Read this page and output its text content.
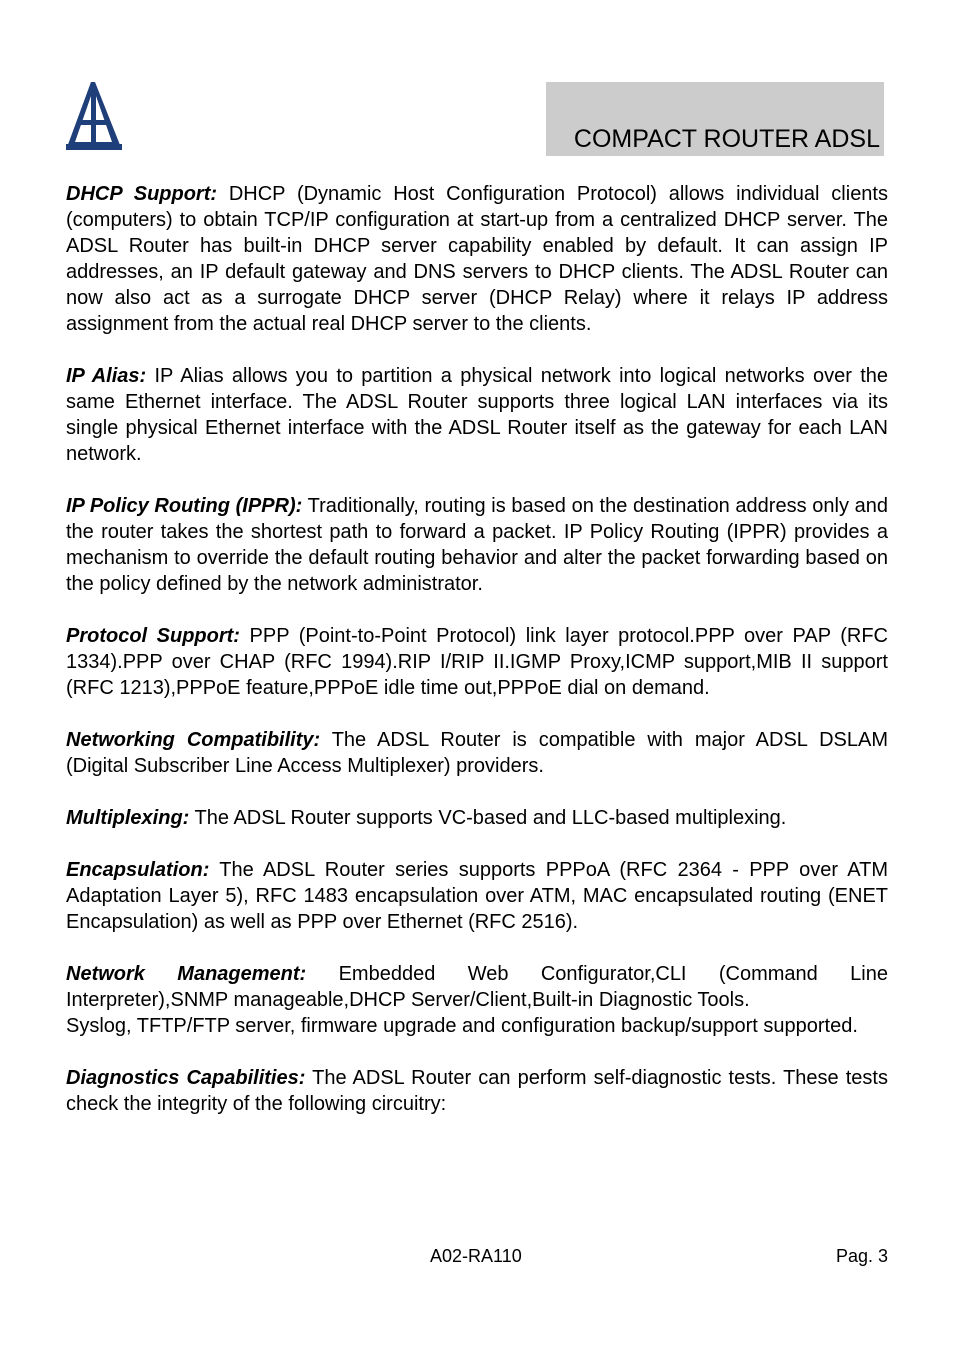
COMPACT ROUTER ADSL

DHCP Support: DHCP (Dynamic Host Configuration Protocol) allows individual clients (computers) to obtain TCP/IP configuration at start-up from a centralized DHCP server. The ADSL Router has built-in DHCP server capability enabled by default. It can assign IP addresses, an IP default gateway and DNS servers to DHCP clients. The ADSL Router can now also act as a surrogate DHCP server (DHCP Relay) where it relays IP address assignment from the actual real DHCP server to the clients.

IP Alias: IP Alias allows you to partition a physical network into logical networks over the same Ethernet interface. The ADSL Router supports three logical LAN interfaces via its single physical Ethernet interface with the ADSL Router itself as the gateway for each LAN network.

IP Policy Routing (IPPR): Traditionally, routing is based on the destination address only and the router takes the shortest path to forward a packet. IP Policy Routing (IPPR) provides a mechanism to override the default routing behavior and alter the packet forwarding based on the policy defined by the network administrator.

Protocol Support: PPP (Point-to-Point Protocol) link layer protocol.PPP over PAP (RFC 1334).PPP over CHAP (RFC 1994).RIP I/RIP II.IGMP Proxy,ICMP support,MIB II support (RFC 1213),PPPoE feature,PPPoE idle time out,PPPoE dial on demand.

Networking Compatibility: The ADSL Router is compatible with major ADSL DSLAM (Digital Subscriber Line Access Multiplexer) providers.

Multiplexing: The ADSL Router supports VC-based and LLC-based multiplexing.

Encapsulation: The ADSL Router series supports PPPoA (RFC 2364 - PPP over ATM Adaptation Layer 5), RFC 1483 encapsulation over ATM, MAC encapsulated routing (ENET Encapsulation) as well as PPP over Ethernet (RFC 2516).

Network Management: Embedded Web Configurator,CLI (Command Line Interpreter),SNMP manageable,DHCP Server/Client,Built-in Diagnostic Tools.
Syslog, TFTP/FTP server, firmware upgrade and configuration backup/support supported.

Diagnostics Capabilities: The ADSL Router can perform self-diagnostic tests. These tests check the integrity of the following circuitry:

A02-RA110	Pag. 3
